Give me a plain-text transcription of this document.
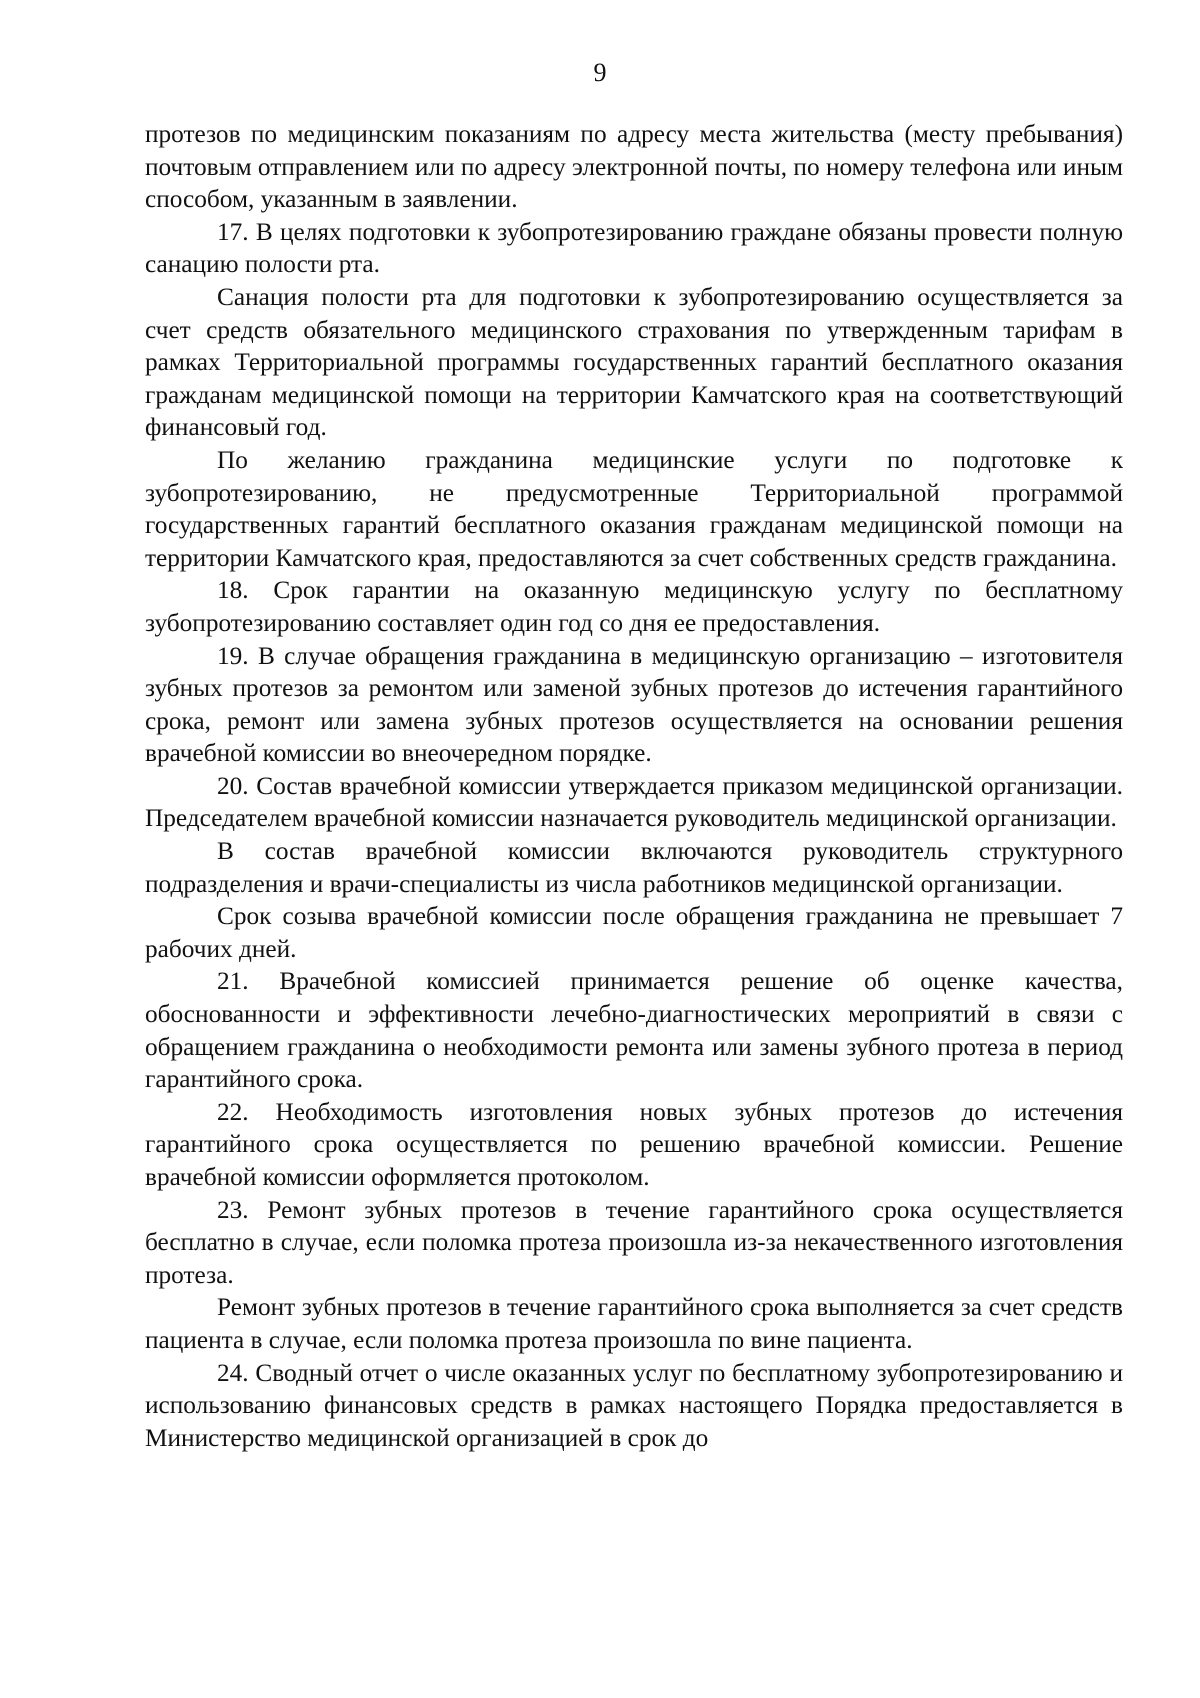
9

протезов по медицинским показаниям по адресу места жительства (месту пребывания) почтовым отправлением или по адресу электронной почты, по номеру телефона или иным способом, указанным в заявлении.

17. В целях подготовки к зубопротезированию граждане обязаны провести полную санацию полости рта.

Санация полости рта для подготовки к зубопротезированию осуществляется за счет средств обязательного медицинского страхования по утвержденным тарифам в рамках Территориальной программы государственных гарантий бесплатного оказания гражданам медицинской помощи на территории Камчатского края на соответствующий финансовый год.

По желанию гражданина медицинские услуги по подготовке к зубопротезированию, не предусмотренные Территориальной программой государственных гарантий бесплатного оказания гражданам медицинской помощи на территории Камчатского края, предоставляются за счет собственных средств гражданина.

18. Срок гарантии на оказанную медицинскую услугу по бесплатному зубопротезированию составляет один год со дня ее предоставления.

19. В случае обращения гражданина в медицинскую организацию – изготовителя зубных протезов за ремонтом или заменой зубных протезов до истечения гарантийного срока, ремонт или замена зубных протезов осуществляется на основании решения врачебной комиссии во внеочередном порядке.

20. Состав врачебной комиссии утверждается приказом медицинской организации. Председателем врачебной комиссии назначается руководитель медицинской организации.

В состав врачебной комиссии включаются руководитель структурного подразделения и врачи-специалисты из числа работников медицинской организации.

Срок созыва врачебной комиссии после обращения гражданина не превышает 7 рабочих дней.

21. Врачебной комиссией принимается решение об оценке качества, обоснованности и эффективности лечебно-диагностических мероприятий в связи с обращением гражданина о необходимости ремонта или замены зубного протеза в период гарантийного срока.

22. Необходимость изготовления новых зубных протезов до истечения гарантийного срока осуществляется по решению врачебной комиссии. Решение врачебной комиссии оформляется протоколом.

23. Ремонт зубных протезов в течение гарантийного срока осуществляется бесплатно в случае, если поломка протеза произошла из-за некачественного изготовления протеза.

Ремонт зубных протезов в течение гарантийного срока выполняется за счет средств пациента в случае, если поломка протеза произошла по вине пациента.

24. Сводный отчет о числе оказанных услуг по бесплатному зубопротезированию и использованию финансовых средств в рамках настоящего Порядка предоставляется в Министерство медицинской организацией в срок до
